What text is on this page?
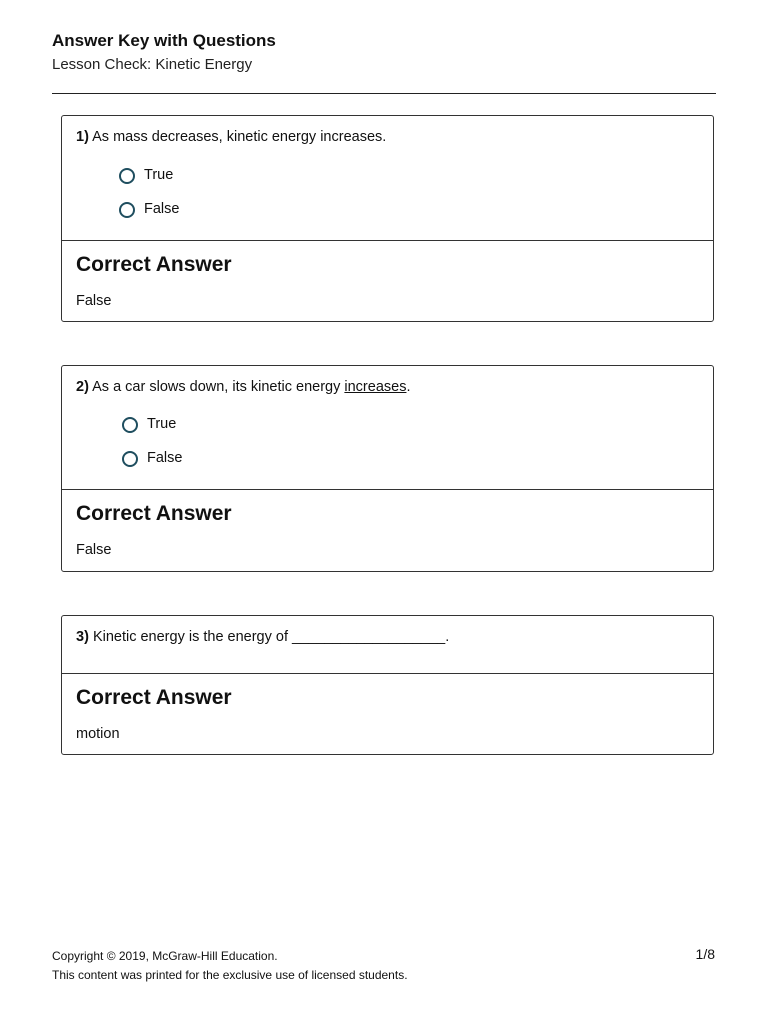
Answer Key with Questions
Lesson Check: Kinetic Energy
1) As mass decreases, kinetic energy increases.
True
False
Correct Answer
False
2) As a car slows down, its kinetic energy increases.
True
False
Correct Answer
False
3) Kinetic energy is the energy of ___________________.
Correct Answer
motion
Copyright © 2019, McGraw-Hill Education.
This content was printed for the exclusive use of licensed students.
1/8
